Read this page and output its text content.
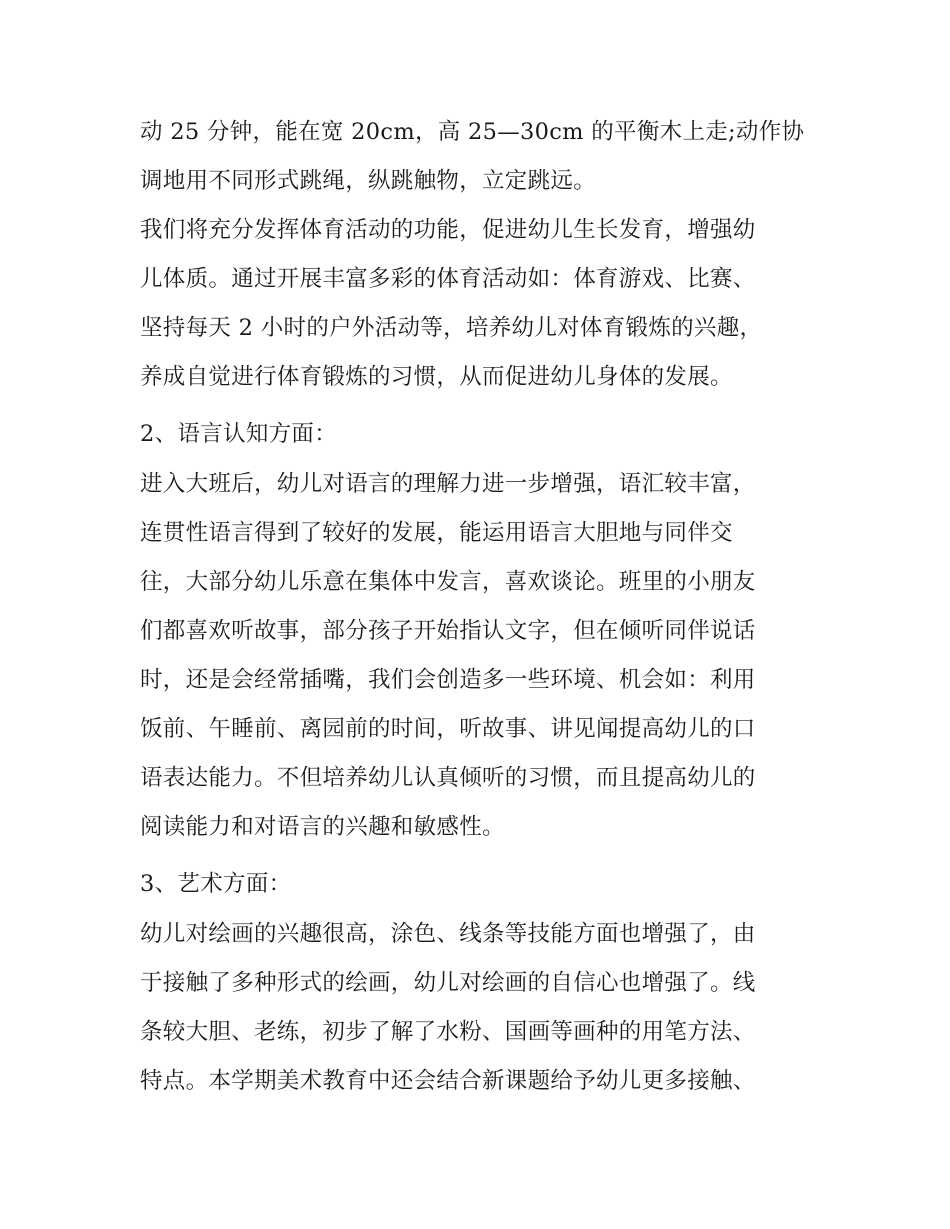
动 25 分钟，能在宽 20cm，高 25—30cm 的平衡木上走;动作协
调地用不同形式跳绳，纵跳触物，立定跳远。
我们将充分发挥体育活动的功能，促进幼儿生长发育，增强幼
儿体质。通过开展丰富多彩的体育活动如：体育游戏、比赛、
坚持每天 2 小时的户外活动等，培养幼儿对体育锻炼的兴趣，
养成自觉进行体育锻炼的习惯，从而促进幼儿身体的发展。
2、语言认知方面：
进入大班后，幼儿对语言的理解力进一步增强，语汇较丰富，
连贯性语言得到了较好的发展，能运用语言大胆地与同伴交
往，大部分幼儿乐意在集体中发言，喜欢谈论。班里的小朋友
们都喜欢听故事，部分孩子开始指认文字，但在倾听同伴说话
时，还是会经常插嘴，我们会创造多一些环境、机会如：利用
饭前、午睡前、离园前的时间，听故事、讲见闻提高幼儿的口
语表达能力。不但培养幼儿认真倾听的习惯，而且提高幼儿的
阅读能力和对语言的兴趣和敏感性。
3、艺术方面：
幼儿对绘画的兴趣很高，涂色、线条等技能方面也增强了，由
于接触了多种形式的绘画，幼儿对绘画的自信心也增强了。线
条较大胆、老练，初步了解了水粉、国画等画种的用笔方法、
特点。本学期美术教育中还会结合新课题给予幼儿更多接触、
